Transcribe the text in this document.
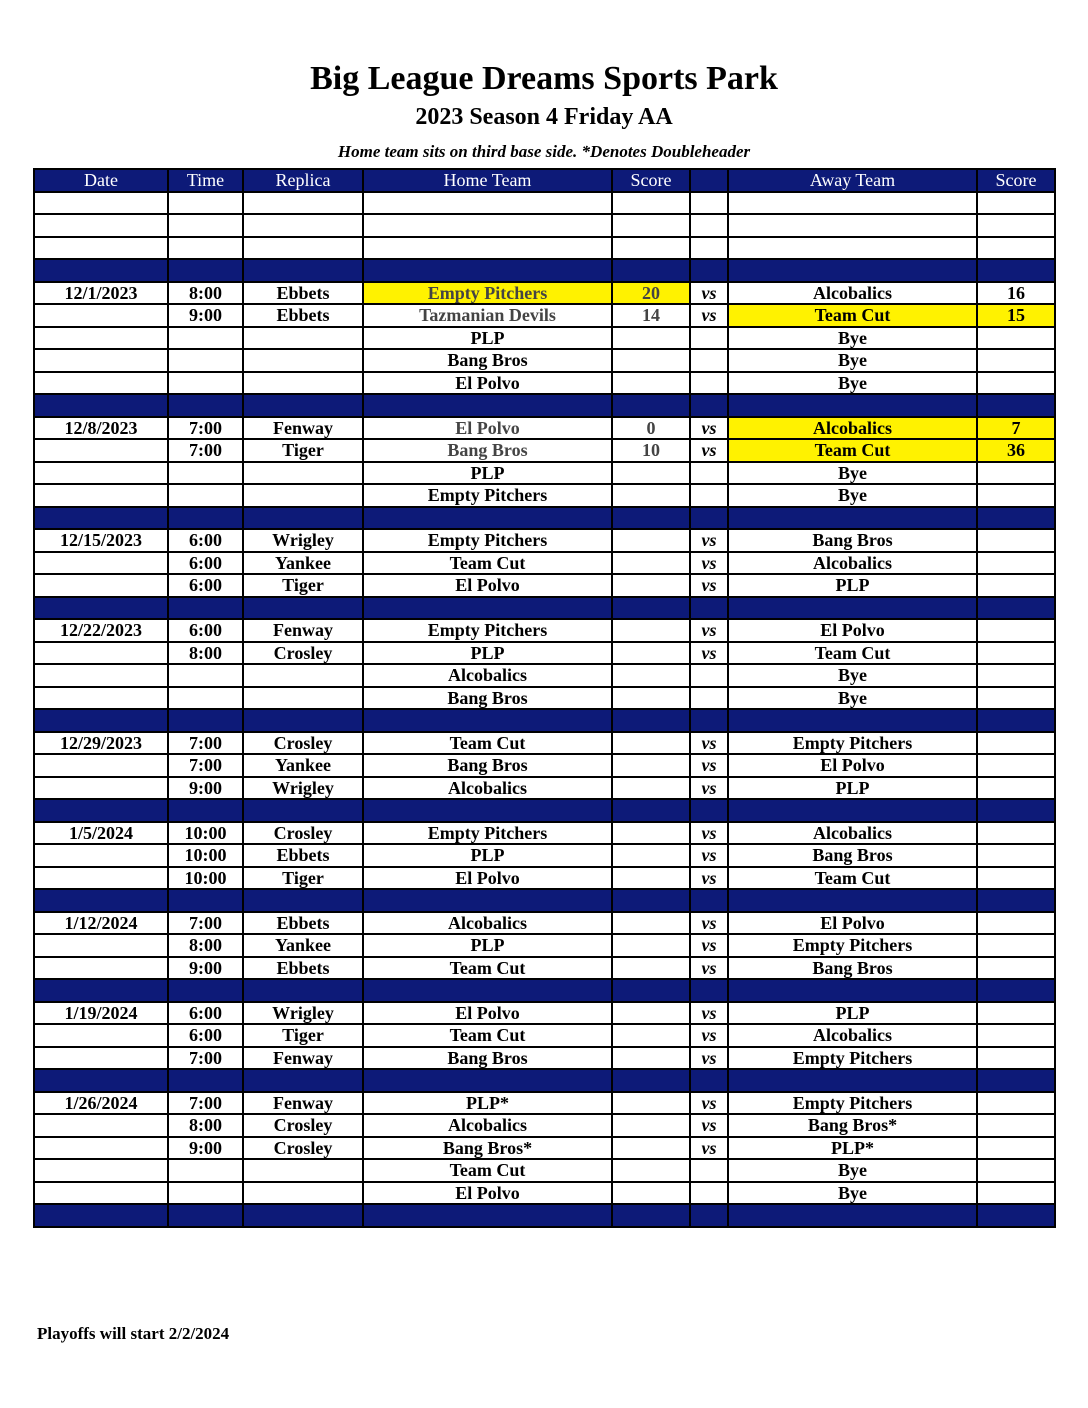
Big League Dreams Sports Park
2023 Season 4 Friday AA
Home team sits on third base side. *Denotes Doubleheader
Date	Time	Replica	Home Team	Score		Away Team	Score

12/1/2023	8:00	Ebbets	Empty Pitchers	20	vs	Alcobalics	16
	9:00	Ebbets	Tazmanian Devils	14	vs	Team Cut	15
			PLP			Bye	
			Bang Bros			Bye	
			El Polvo			Bye	

12/8/2023	7:00	Fenway	El Polvo	0	vs	Alcobalics	7
	7:00	Tiger	Bang Bros	10	vs	Team Cut	36
			PLP			Bye	
			Empty Pitchers			Bye	

12/15/2023	6:00	Wrigley	Empty Pitchers		vs	Bang Bros	
	6:00	Yankee	Team Cut		vs	Alcobalics	
	6:00	Tiger	El Polvo		vs	PLP	

12/22/2023	6:00	Fenway	Empty Pitchers		vs	El Polvo	
	8:00	Crosley	PLP		vs	Team Cut	
			Alcobalics			Bye	
			Bang Bros			Bye	

12/29/2023	7:00	Crosley	Team Cut		vs	Empty Pitchers	
	7:00	Yankee	Bang Bros		vs	El Polvo	
	9:00	Wrigley	Alcobalics		vs	PLP	

1/5/2024	10:00	Crosley	Empty Pitchers		vs	Alcobalics	
	10:00	Ebbets	PLP		vs	Bang Bros	
	10:00	Tiger	El Polvo		vs	Team Cut	

1/12/2024	7:00	Ebbets	Alcobalics		vs	El Polvo	
	8:00	Yankee	PLP		vs	Empty Pitchers	
	9:00	Ebbets	Team Cut		vs	Bang Bros	

1/19/2024	6:00	Wrigley	El Polvo		vs	PLP	
	6:00	Tiger	Team Cut		vs	Alcobalics	
	7:00	Fenway	Bang Bros		vs	Empty Pitchers	

1/26/2024	7:00	Fenway	PLP*		vs	Empty Pitchers	
	8:00	Crosley	Alcobalics		vs	Bang Bros*	
	9:00	Crosley	Bang Bros*		vs	PLP*	
			Team Cut			Bye	
			El Polvo			Bye	

Playoffs will start 2/2/2024
